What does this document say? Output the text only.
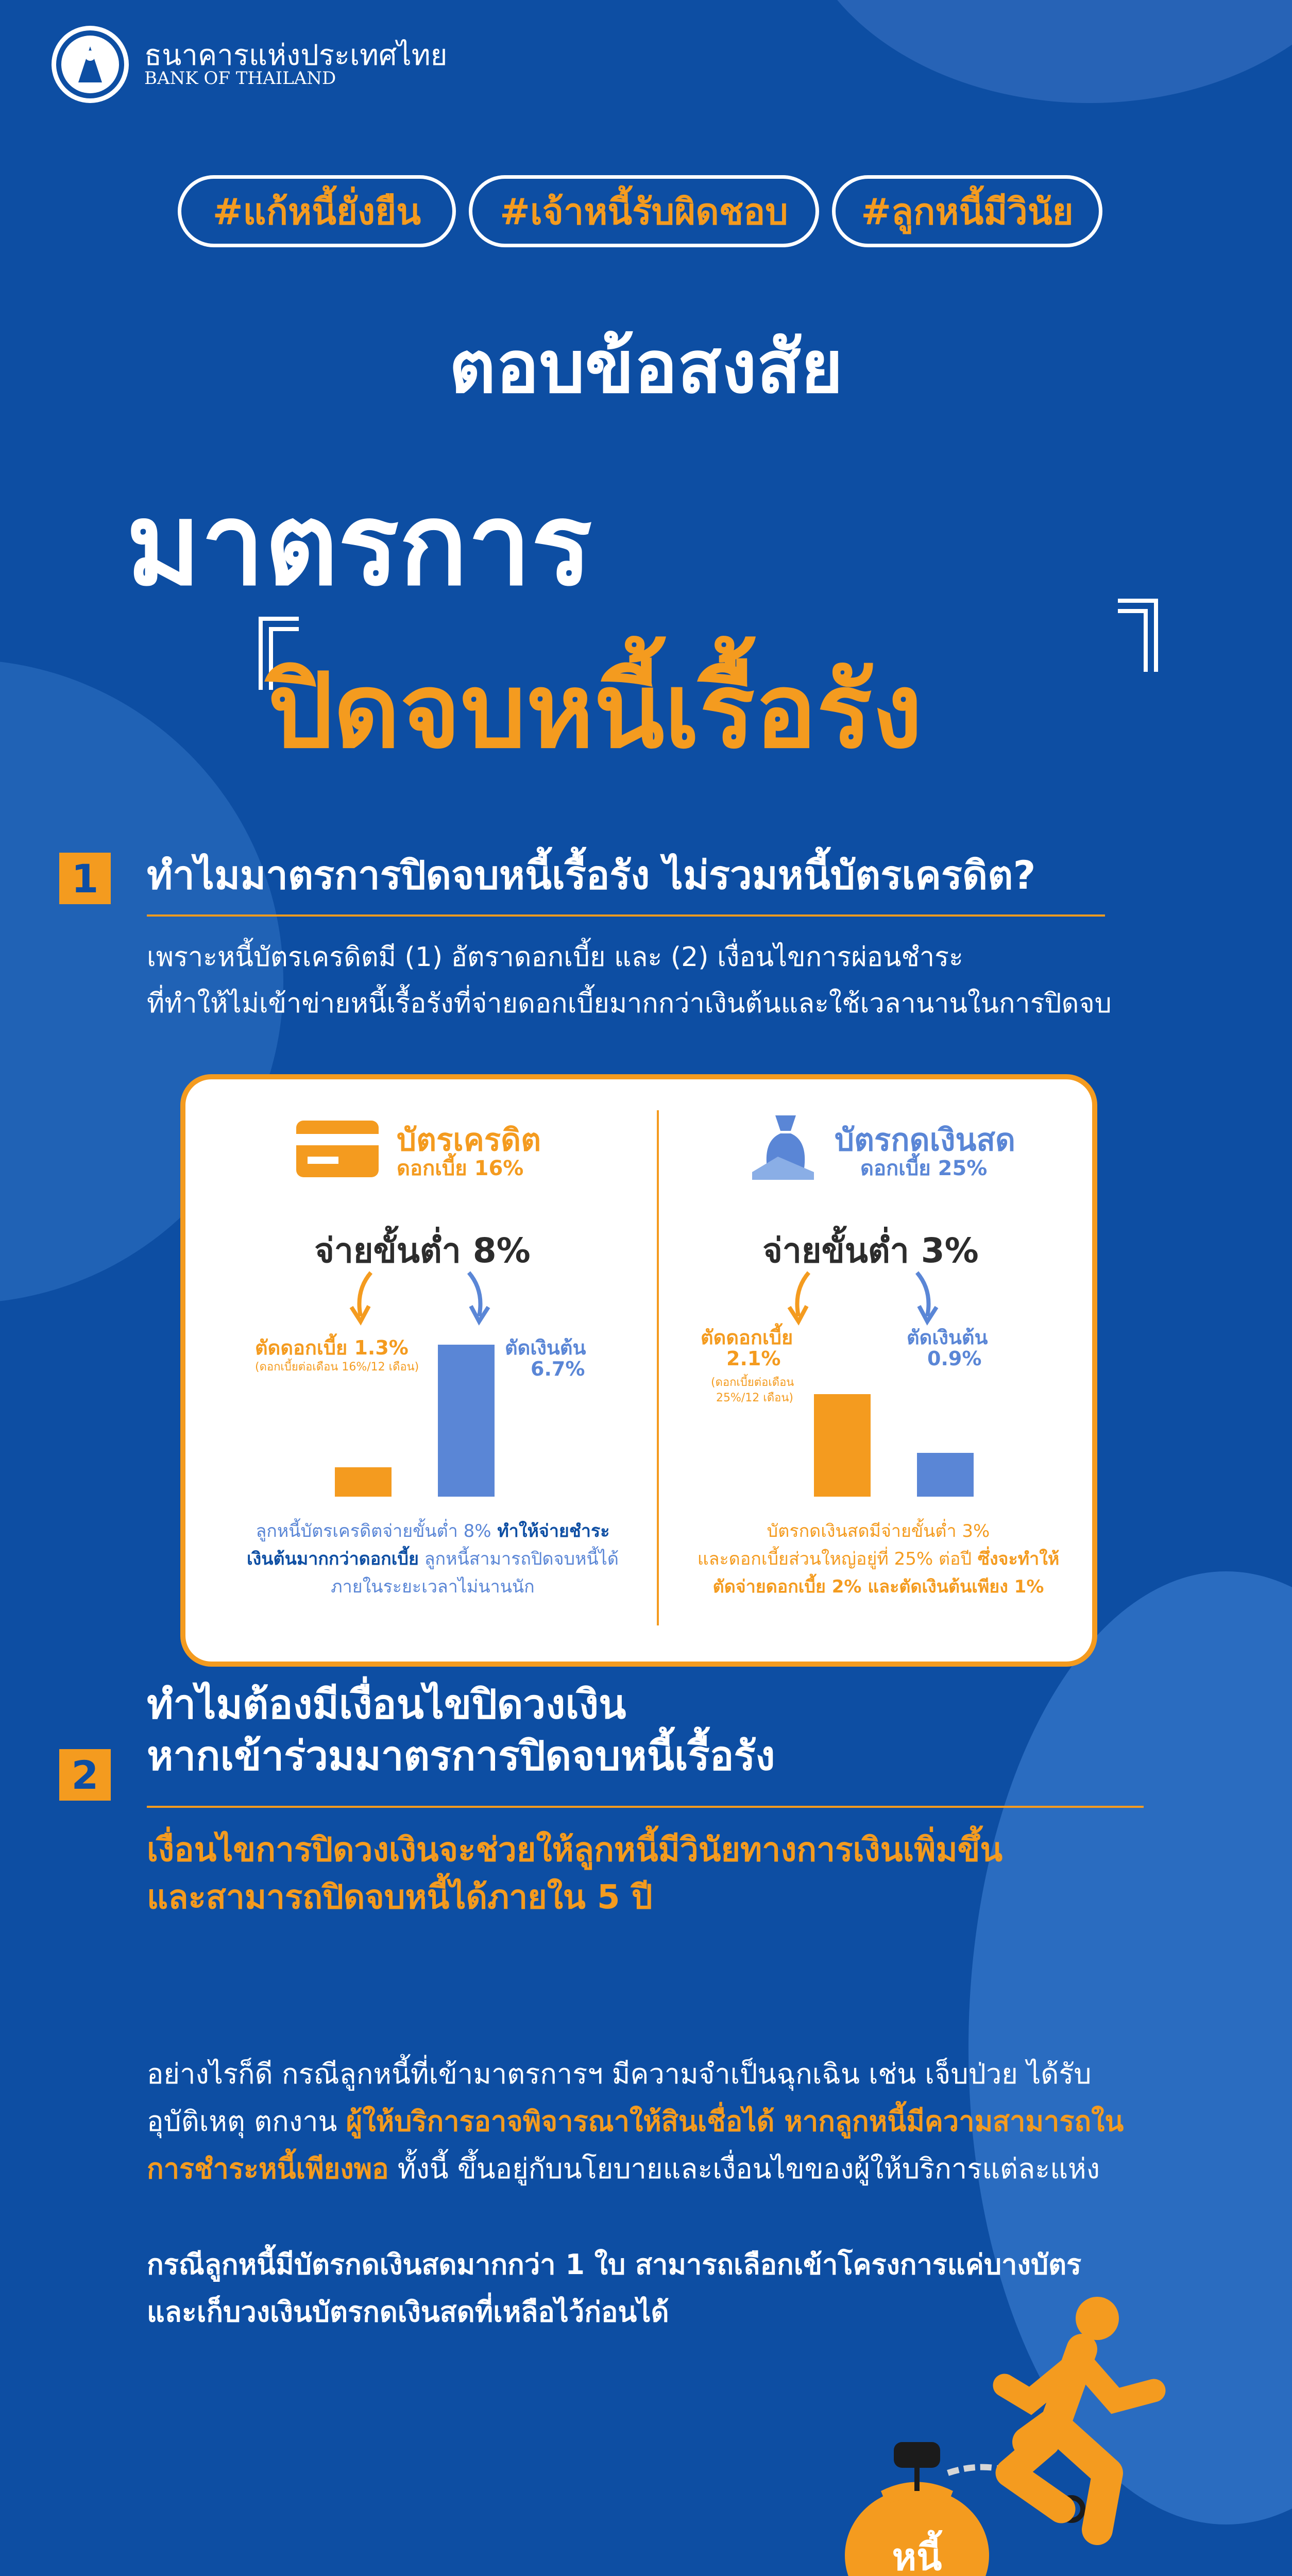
ธนาคารแห่งประเทศไทย
BANK OF THAILAND
#แก้หนี้ยั่งยืน	#เจ้าหนี้รับผิดชอบ	#ลูกหนี้มีวินัย
ตอบข้อสงสัย
มาตรการ
ปิดจบหนี้เรื้อรัง
1	ทำไมมาตรการปิดจบหนี้เรื้อรัง ไม่รวมหนี้บัตรเครดิต?
เพราะหนี้บัตรเครดิตมี (1) อัตราดอกเบี้ย และ (2) เงื่อนไขการผ่อนชำระ
ที่ทำให้ไม่เข้าข่ายหนี้เรื้อรังที่จ่ายดอกเบี้ยมากกว่าเงินต้นและใช้เวลานานในการปิดจบ
บัตรเครดิต
ดอกเบี้ย 16%
จ่ายขั้นต่ำ 8%
ตัดดอกเบี้ย 1.3%
(ดอกเบี้ยต่อเดือน 16%/12 เดือน)
ตัดเงินต้น
6.7%
ลูกหนี้บัตรเครดิตจ่ายขั้นต่ำ 8% ทำให้จ่ายชำระ
เงินต้นมากกว่าดอกเบี้ย ลูกหนี้สามารถปิดจบหนี้ได้
ภายในระยะเวลาไม่นานนัก
บัตรกดเงินสด
ดอกเบี้ย 25%
จ่ายขั้นต่ำ 3%
ตัดดอกเบี้ย
2.1%
(ดอกเบี้ยต่อเดือน
25%/12 เดือน)
ตัดเงินต้น
0.9%
บัตรกดเงินสดมีจ่ายขั้นต่ำ 3%
และดอกเบี้ยส่วนใหญ่อยู่ที่ 25% ต่อปี ซึ่งจะทำให้
ตัดจ่ายดอกเบี้ย 2% และตัดเงินต้นเพียง 1%
2
ทำไมต้องมีเงื่อนไขปิดวงเงิน
หากเข้าร่วมมาตรการปิดจบหนี้เรื้อรัง
เงื่อนไขการปิดวงเงินจะช่วยให้ลูกหนี้มีวินัยทางการเงินเพิ่มขึ้น
และสามารถปิดจบหนี้ได้ภายใน 5 ปี
อย่างไรก็ดี กรณีลูกหนี้ที่เข้ามาตรการฯ มีความจำเป็นฉุกเฉิน เช่น เจ็บป่วย ได้รับ
อุบัติเหตุ ตกงาน ผู้ให้บริการอาจพิจารณาให้สินเชื่อได้ หากลูกหนี้มีความสามารถใน
การชำระหนี้เพียงพอ ทั้งนี้ ขึ้นอยู่กับนโยบายและเงื่อนไขของผู้ให้บริการแต่ละแห่ง
กรณีลูกหนี้มีบัตรกดเงินสดมากกว่า 1 ใบ สามารถเลือกเข้าโครงการแค่บางบัตร
และเก็บวงเงินบัตรกดเงินสดที่เหลือไว้ก่อนได้
หนี้
